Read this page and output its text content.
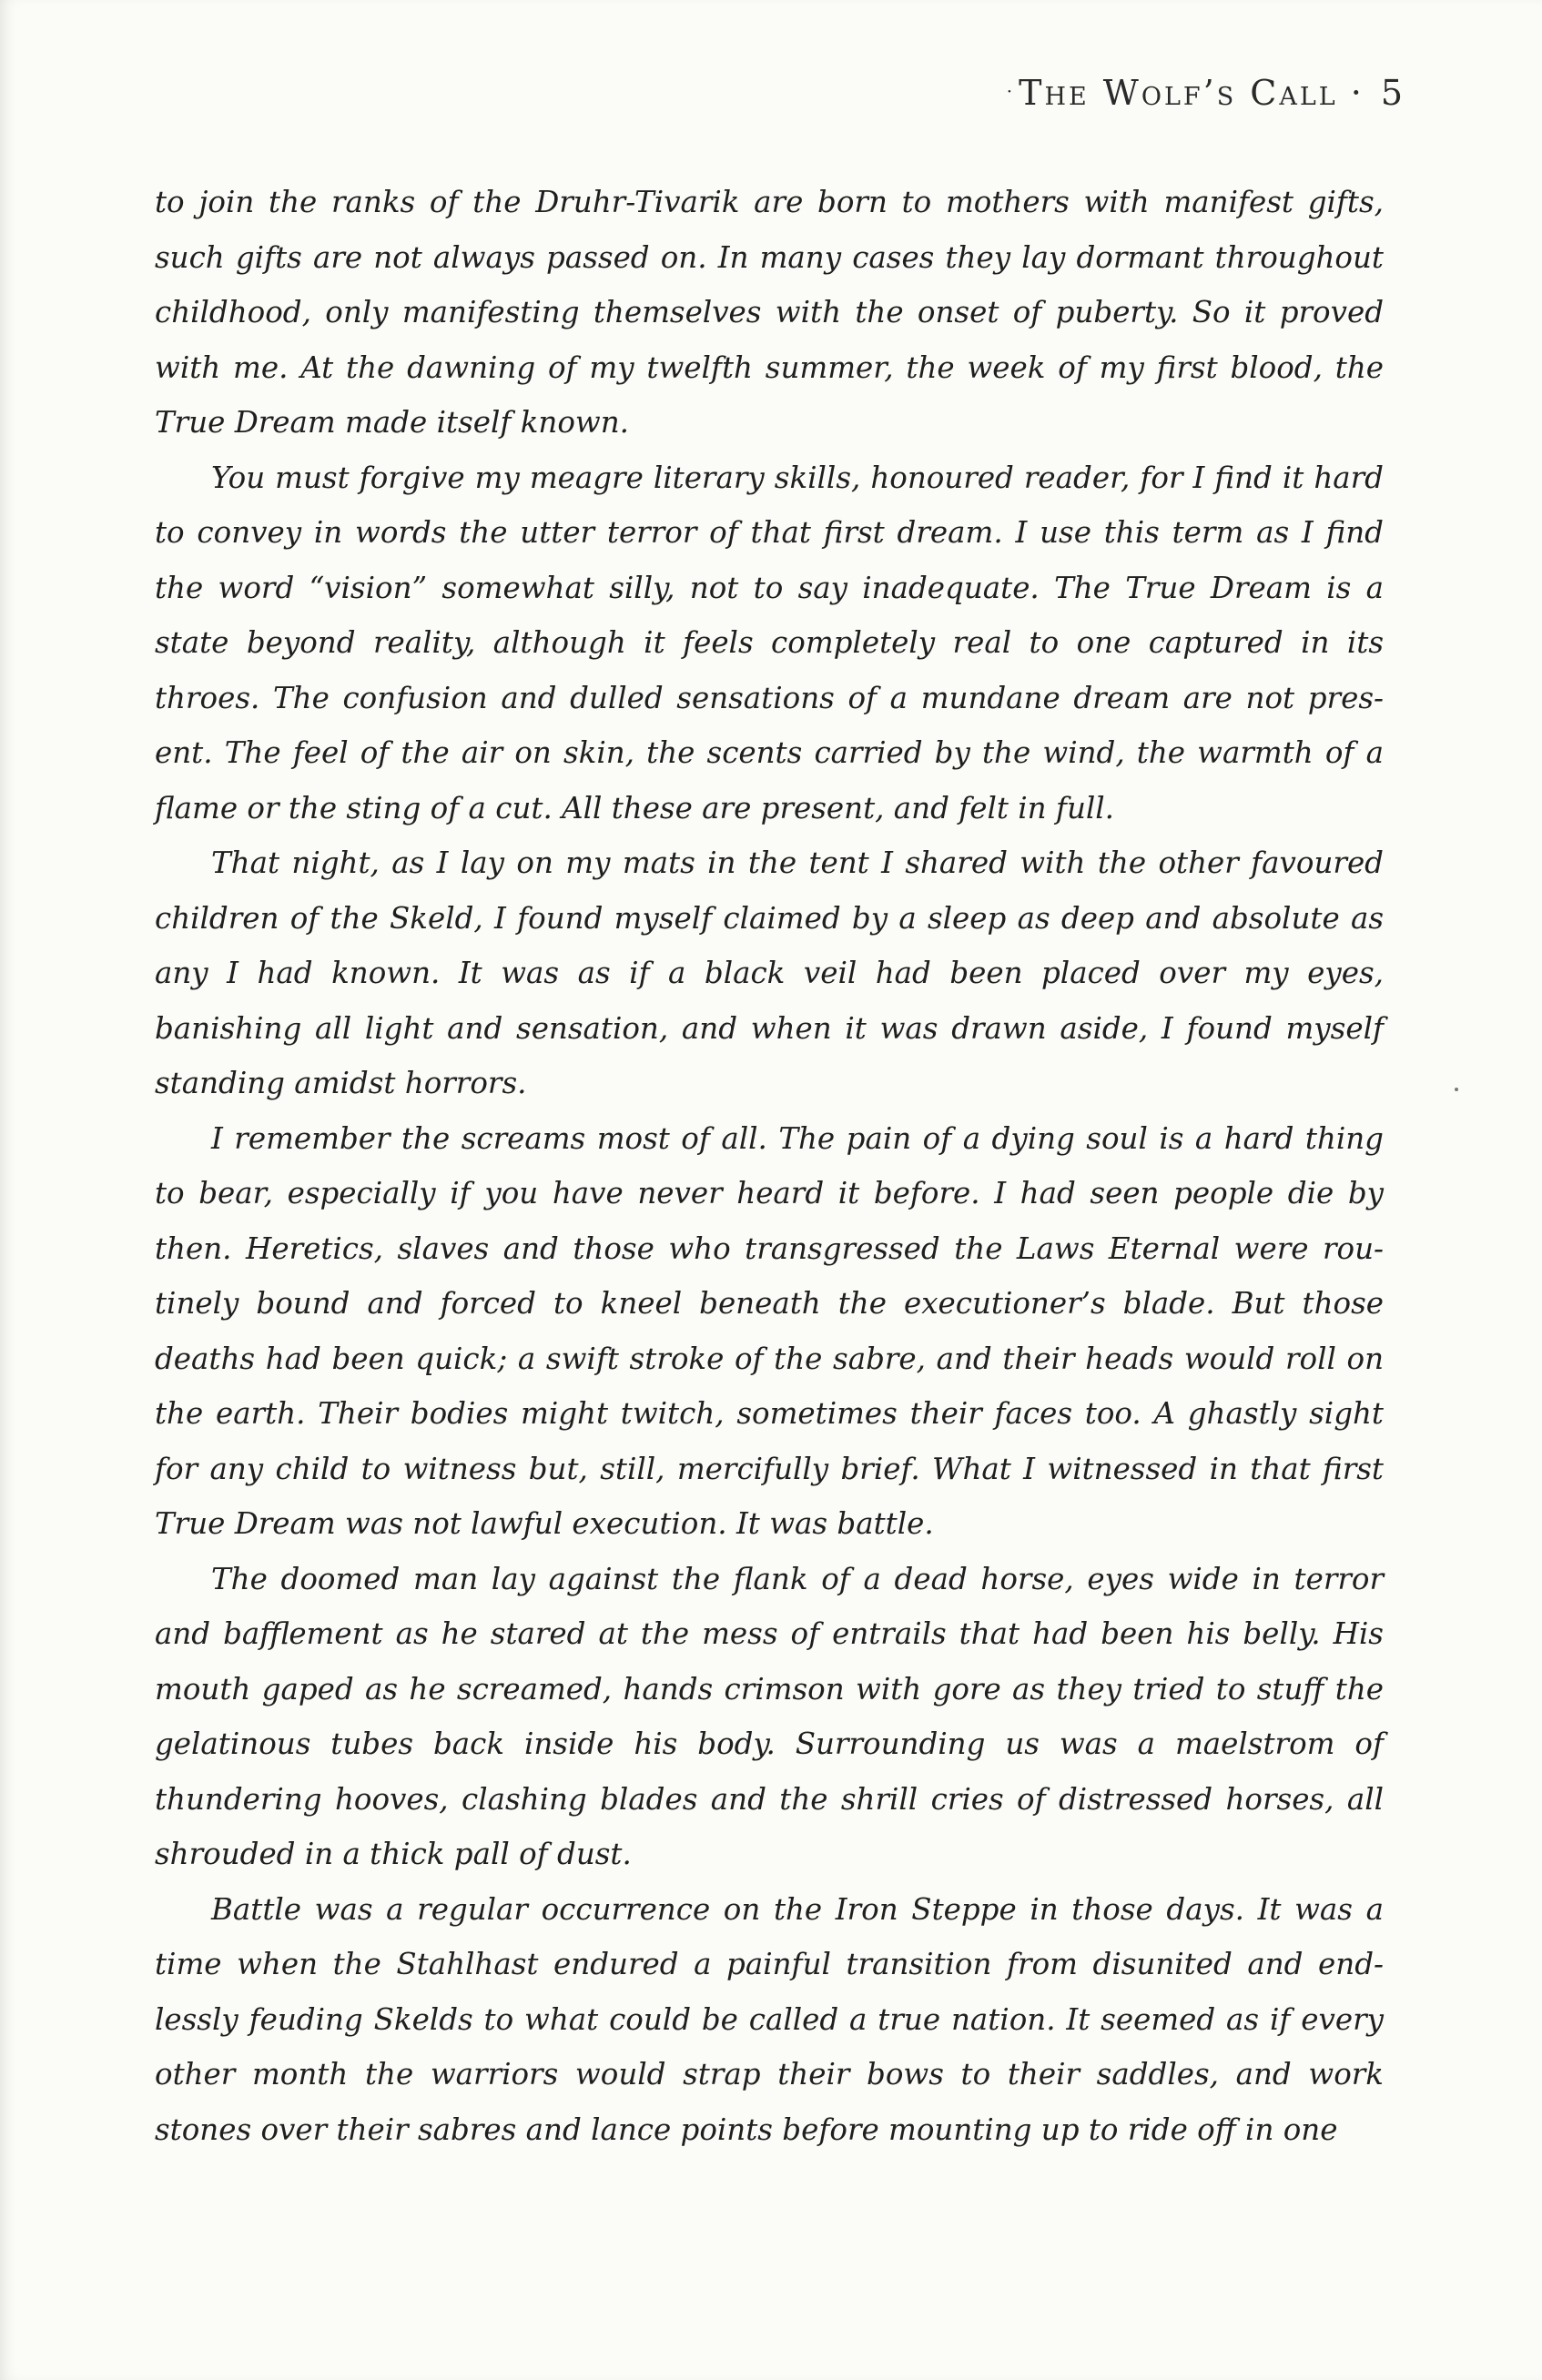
· The Wolf’s Call · 5

to join the ranks of the Druhr-Tivarik are born to mothers with manifest gifts, such gifts are not always passed on. In many cases they lay dormant throughout childhood, only manifesting themselves with the onset of puberty. So it proved with me. At the dawning of my twelfth summer, the week of my first blood, the True Dream made itself known.

You must forgive my meagre literary skills, honoured reader, for I find it hard to convey in words the utter terror of that first dream. I use this term as I find the word “vision” somewhat silly, not to say inadequate. The True Dream is a state beyond reality, although it feels completely real to one captured in its throes. The confusion and dulled sensations of a mundane dream are not present. The feel of the air on skin, the scents carried by the wind, the warmth of a flame or the sting of a cut. All these are present, and felt in full.

That night, as I lay on my mats in the tent I shared with the other favoured children of the Skeld, I found myself claimed by a sleep as deep and absolute as any I had known. It was as if a black veil had been placed over my eyes, banishing all light and sensation, and when it was drawn aside, I found myself standing amidst horrors.

I remember the screams most of all. The pain of a dying soul is a hard thing to bear, especially if you have never heard it before. I had seen people die by then. Heretics, slaves and those who transgressed the Laws Eternal were routinely bound and forced to kneel beneath the executioner’s blade. But those deaths had been quick; a swift stroke of the sabre, and their heads would roll on the earth. Their bodies might twitch, sometimes their faces too. A ghastly sight for any child to witness but, still, mercifully brief. What I witnessed in that first True Dream was not lawful execution. It was battle.

The doomed man lay against the flank of a dead horse, eyes wide in terror and bafflement as he stared at the mess of entrails that had been his belly. His mouth gaped as he screamed, hands crimson with gore as they tried to stuff the gelatinous tubes back inside his body. Surrounding us was a maelstrom of thundering hooves, clashing blades and the shrill cries of distressed horses, all shrouded in a thick pall of dust.

Battle was a regular occurrence on the Iron Steppe in those days. It was a time when the Stahlhast endured a painful transition from disunited and endlessly feuding Skelds to what could be called a true nation. It seemed as if every other month the warriors would strap their bows to their saddles, and work stones over their sabres and lance points before mounting up to ride off in one
